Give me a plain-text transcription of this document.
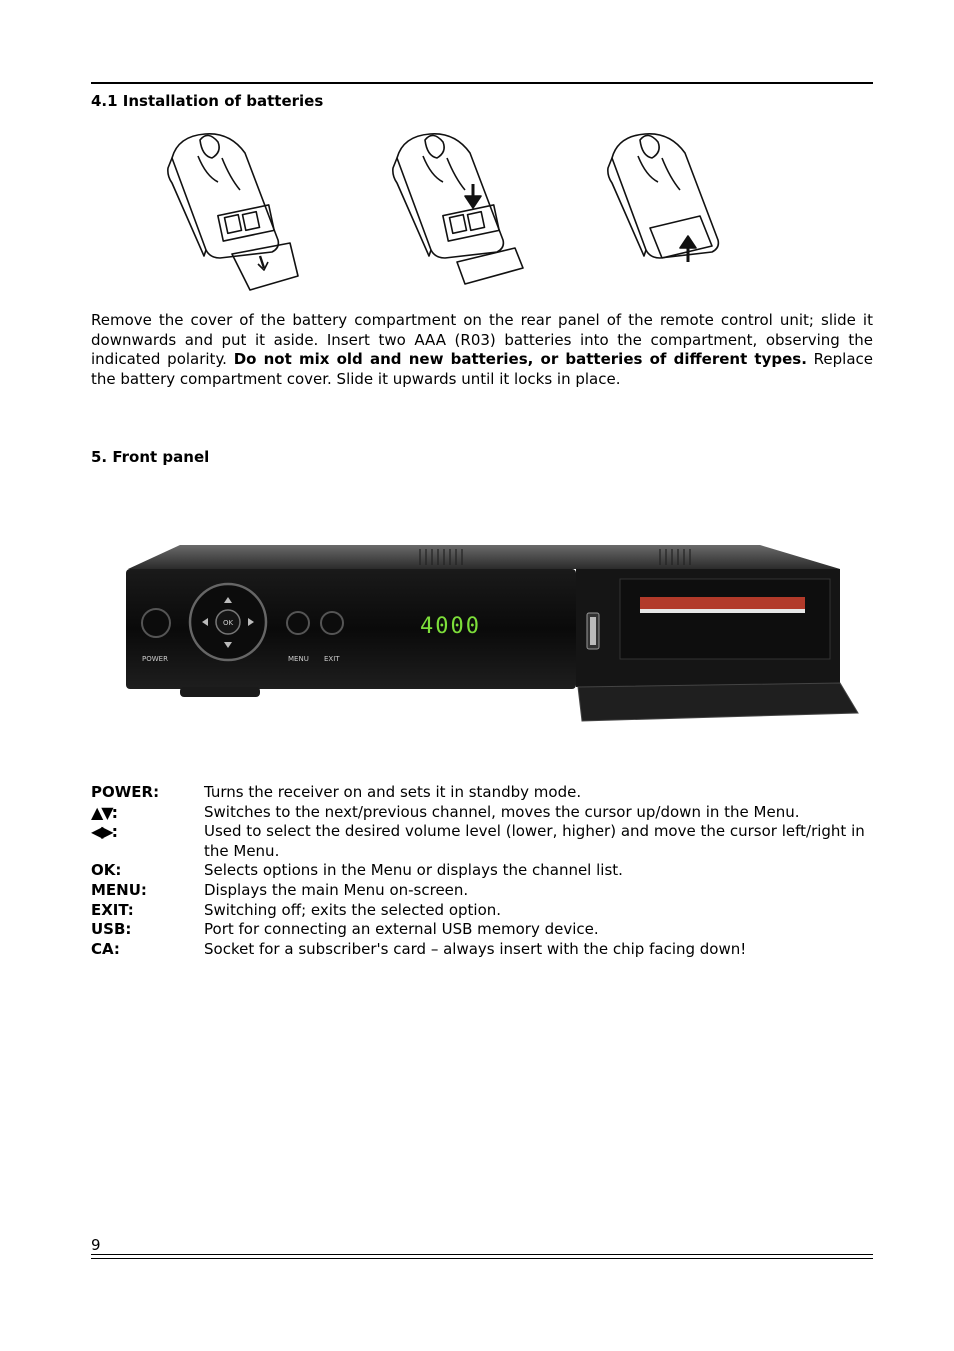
4.1 Installation of batteries

Remove the cover of the battery compartment on the rear panel of the remote control unit; slide it downwards and put it aside. Insert two AAA (R03) batteries into the compartment, observing the indicated polarity. Do not mix old and new batteries, or batteries of different types. Replace the battery compartment cover. Slide it upwards until it locks in place.

5. Front panel
OK
POWER	MENU EXIT
4000
POWER:	Turns the receiver on and sets it in standby mode.
▲▼:	Switches to the next/previous channel, moves the cursor up/down in the Menu.
◀▶:	Used to select the desired volume level (lower, higher) and move the cursor left/right in the Menu.
OK:	Selects options in the Menu or displays the channel list.
MENU:	Displays the main Menu on-screen.
EXIT:	Switching off; exits the selected option.
USB:	Port for connecting an external USB memory device.
CA:	Socket for a subscriber's card – always insert with the chip facing down!
9
